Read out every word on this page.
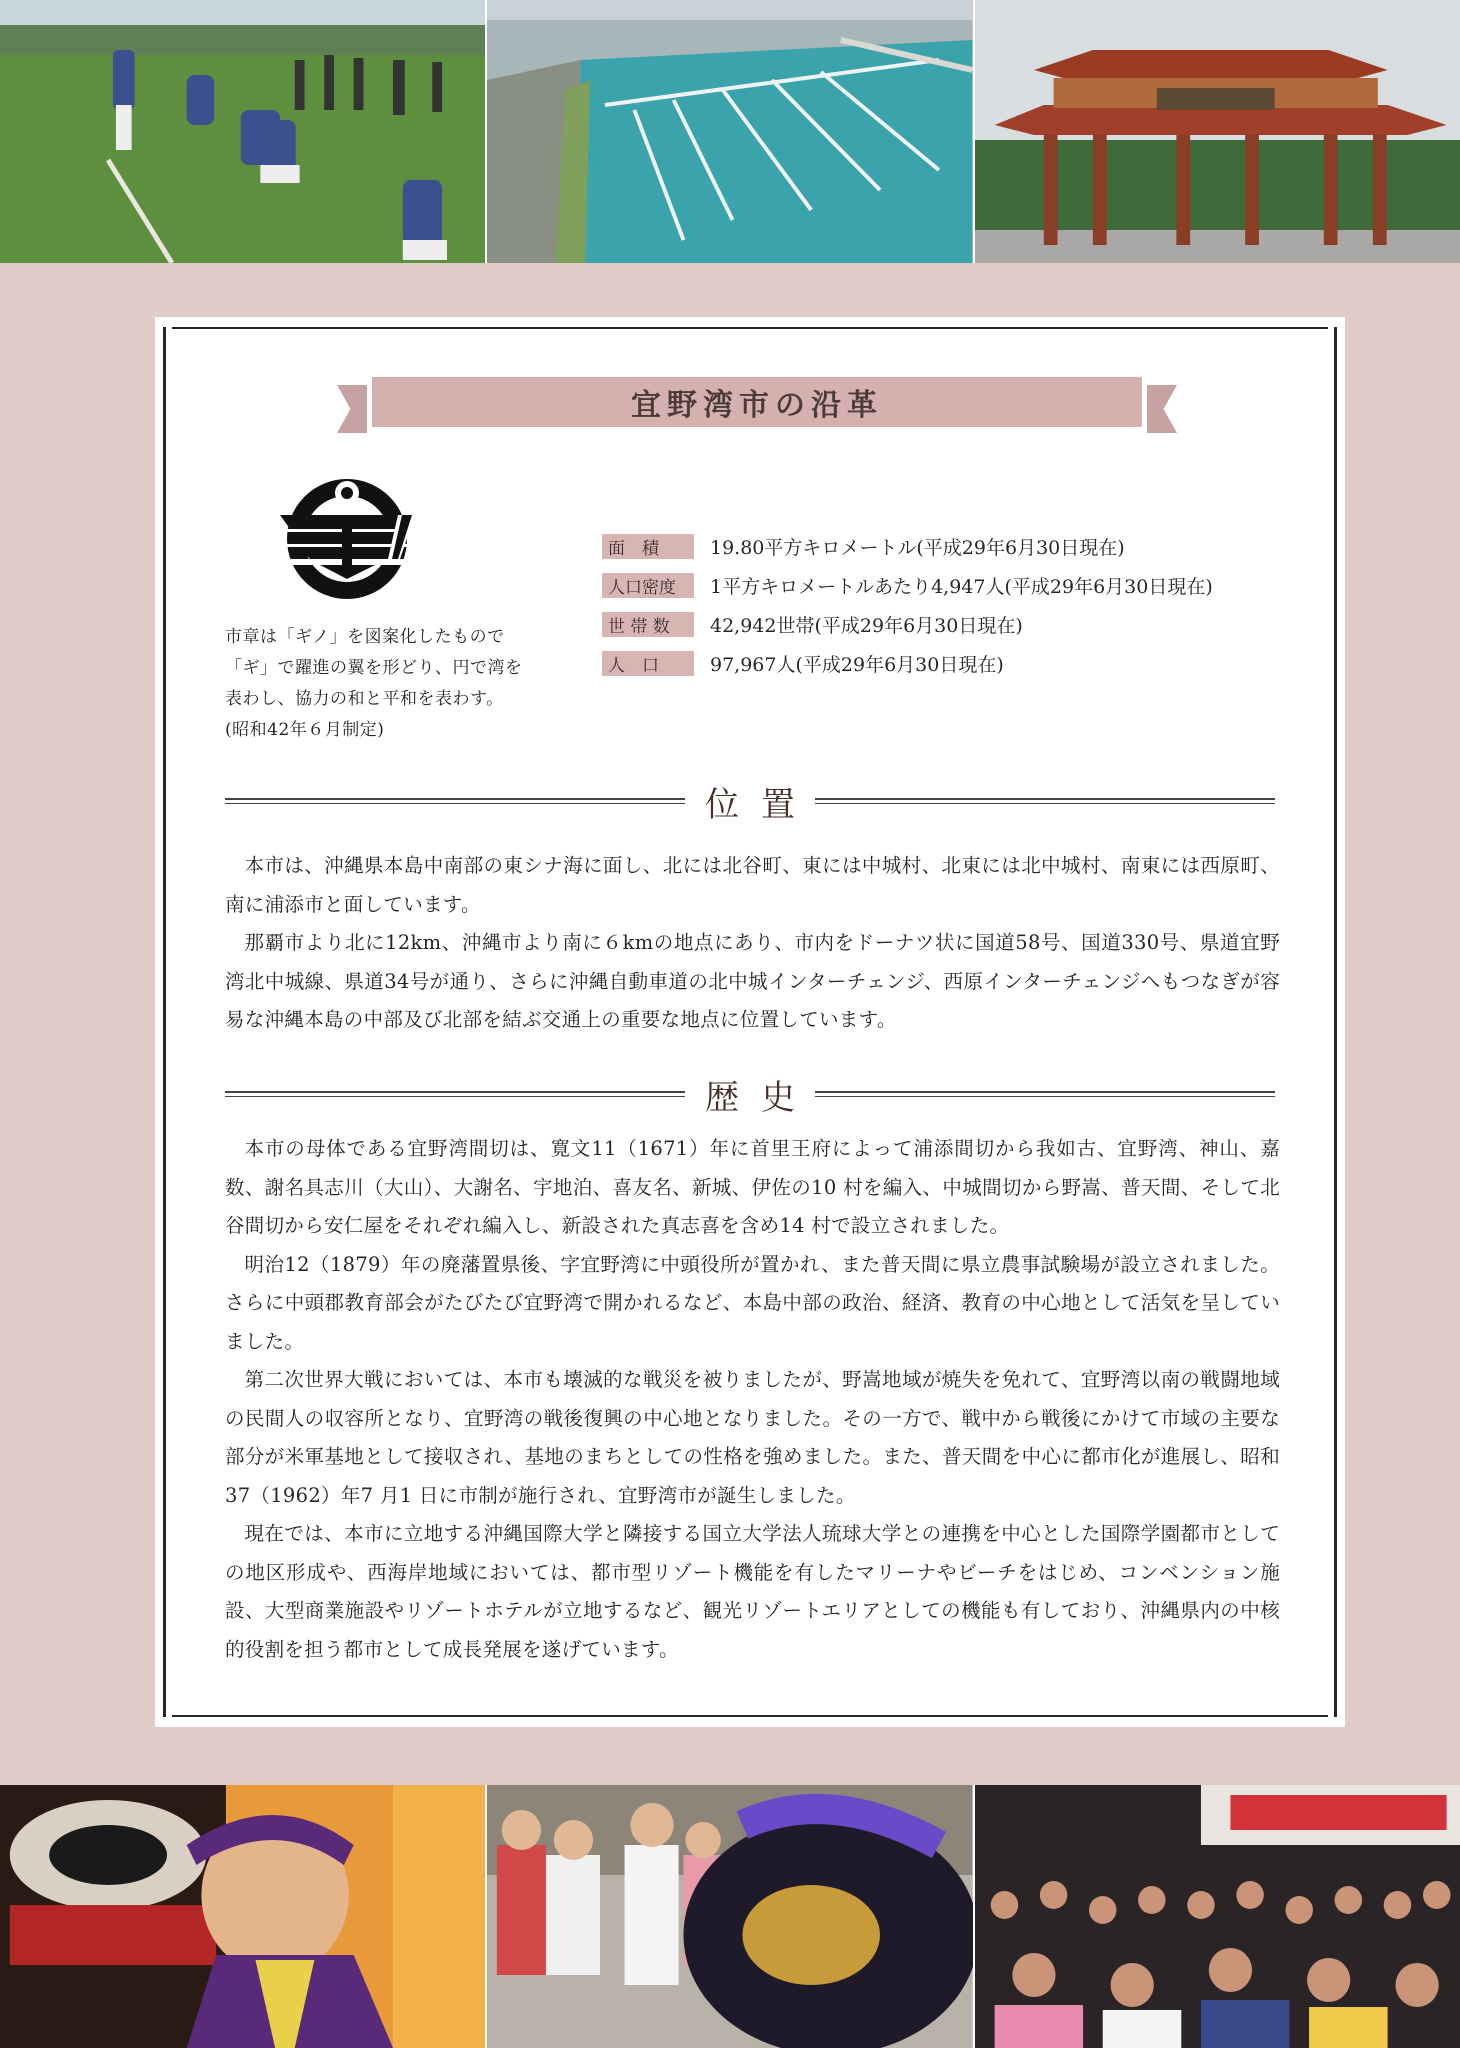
宜野湾市の沿革
市章は「ギノ」を図案化したもので「ギ」で躍進の翼を形どり、円で湾を表わし、協力の和と平和を表わす。(昭和42年６月制定)
面　積	19.80平方キロメートル(平成29年6月30日現在)
人口密度	1平方キロメートルあたり4,947人(平成29年6月30日現在)
世 帯 数	42,942世帯(平成29年6月30日現在)
人　口	97,967人(平成29年6月30日現在)
位置

本市は、沖縄県本島中南部の東シナ海に面し、北には北谷町、東には中城村、北東には北中城村、南東には西原町、南に浦添市と面しています。

那覇市より北に12km、沖縄市より南に６kmの地点にあり、市内をドーナツ状に国道58号、国道330号、県道宜野湾北中城線、県道34号が通り、さらに沖縄自動車道の北中城インターチェンジ、西原インターチェンジへもつなぎが容易な沖縄本島の中部及び北部を結ぶ交通上の重要な地点に位置しています。

歴史

本市の母体である宜野湾間切は、寛文11（1671）年に首里王府によって浦添間切から我如古、宜野湾、神山、嘉数、謝名具志川（大山）、大謝名、宇地泊、喜友名、新城、伊佐の10 村を編入、中城間切から野嵩、普天間、そして北谷間切から安仁屋をそれぞれ編入し、新設された真志喜を含め14 村で設立されました。

明治12（1879）年の廃藩置県後、字宜野湾に中頭役所が置かれ、また普天間に県立農事試験場が設立されました。さらに中頭郡教育部会がたびたび宜野湾で開かれるなど、本島中部の政治、経済、教育の中心地として活気を呈していました。

第二次世界大戦においては、本市も壊滅的な戦災を被りましたが、野嵩地域が焼失を免れて、宜野湾以南の戦闘地域の民間人の収容所となり、宜野湾の戦後復興の中心地となりました。その一方で、戦中から戦後にかけて市域の主要な部分が米軍基地として接収され、基地のまちとしての性格を強めました。また、普天間を中心に都市化が進展し、昭和37（1962）年7 月1 日に市制が施行され、宜野湾市が誕生しました。

現在では、本市に立地する沖縄国際大学と隣接する国立大学法人琉球大学との連携を中心とした国際学園都市としての地区形成や、西海岸地域においては、都市型リゾート機能を有したマリーナやビーチをはじめ、コンベンション施設、大型商業施設やリゾートホテルが立地するなど、観光リゾートエリアとしての機能も有しており、沖縄県内の中核的役割を担う都市として成長発展を遂げています。
